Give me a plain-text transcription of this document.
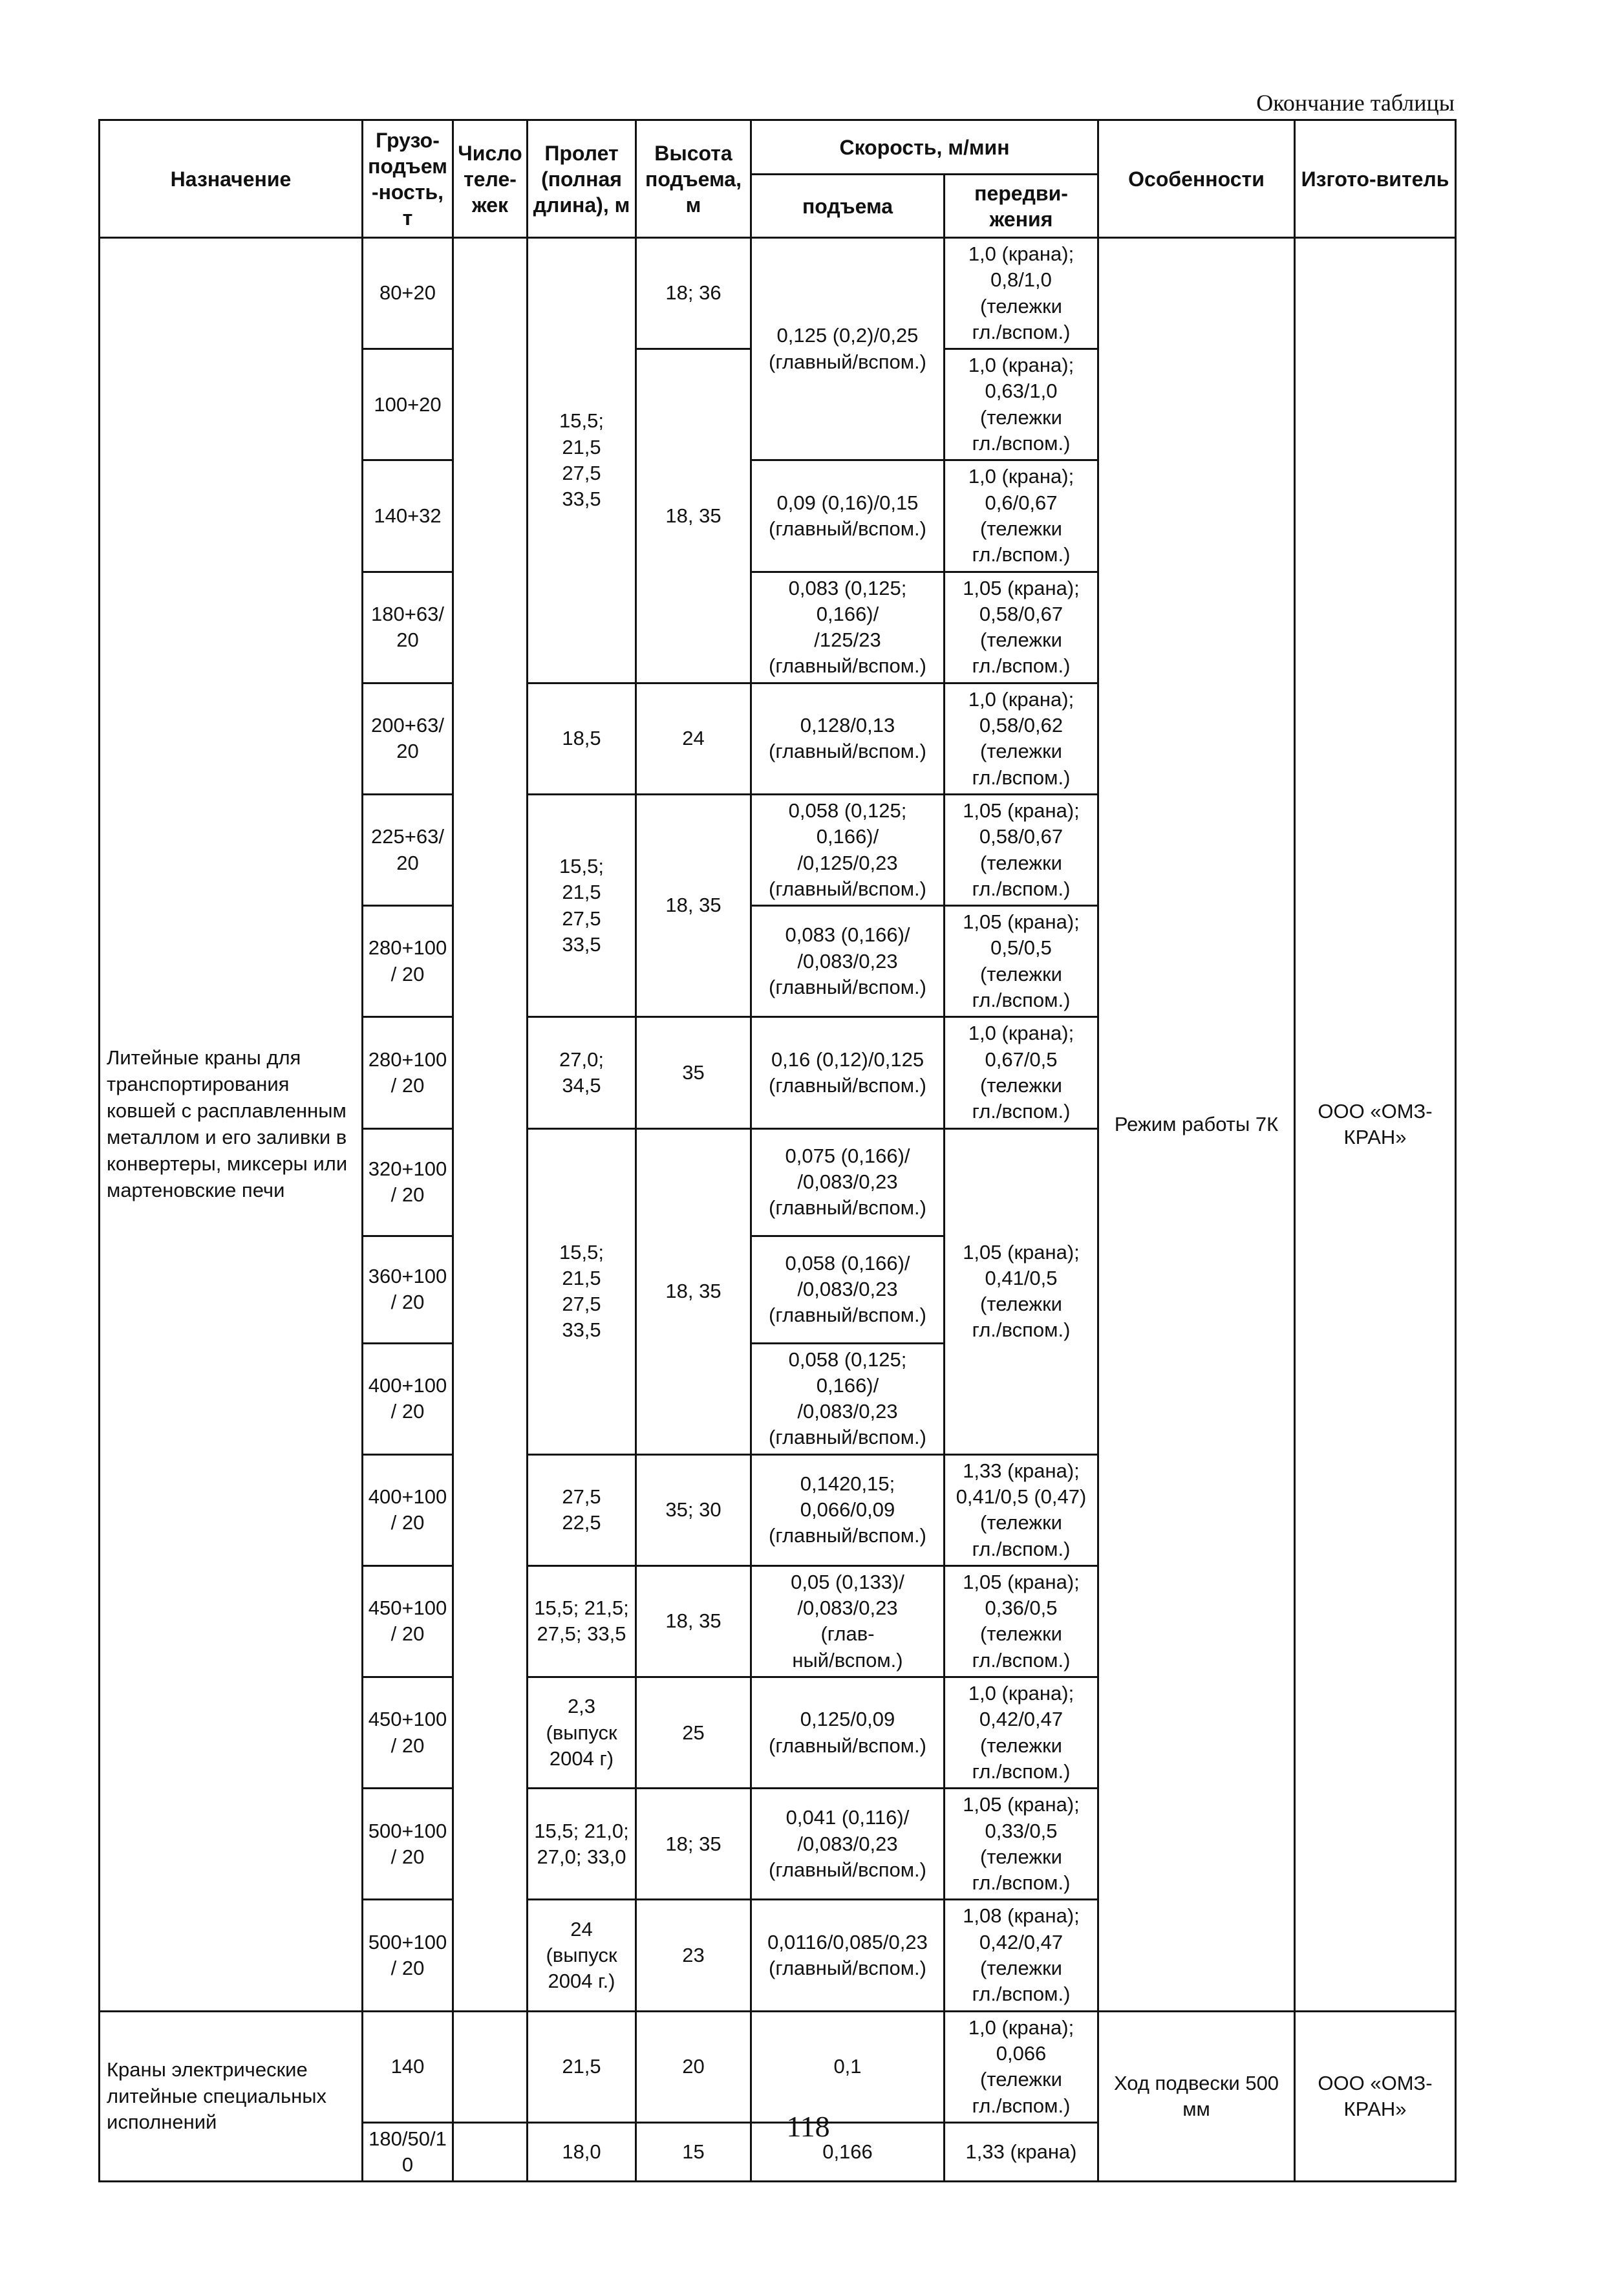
Окончание таблицы
Назначение	Грузо-подъем-ность, т	Число теле-жек	Пролет (полная длина), м	Высота подъема, м	Скорость, м/мин		Особенности	Изгото-витель
					подъема	передви-жения		
Литейные краны для транспортирования ковшей с расплавленным металлом и его заливки в конвертеры, миксеры или мартеновские печи	80+20		15,5;
21,5
27,5
33,5	18; 36	0,125 (0,2)/0,25
(главный/вспом.)	1,0 (крана);
0,8/1,0
(тележки
гл./вспом.)	Режим работы 7К	ООО «ОМЗ-КРАН»
	100+20			18, 35		1,0 (крана);
0,63/1,0
(тележки
гл./вспом.)		
	140+32				0,09 (0,16)/0,15
(главный/вспом.)	1,0 (крана);
0,6/0,67
(тележки
гл./вспом.)		
	180+63/ 20				0,083 (0,125;
0,166)/
/125/23
(главный/вспом.)	1,05 (крана);
0,58/0,67
(тележки
гл./вспом.)		
	200+63/ 20		18,5	24	0,128/0,13
(главный/вспом.)	1,0 (крана);
0,58/0,62
(тележки
гл./вспом.)		
	225+63/ 20		15,5;
21,5
27,5
33,5	18, 35	0,058 (0,125;
0,166)/
/0,125/0,23
(главный/вспом.)	1,05 (крана);
0,58/0,67
(тележки
гл./вспом.)		
	280+100/ 20				0,083 (0,166)/
/0,083/0,23
(главный/вспом.)	1,05 (крана);
0,5/0,5
(тележки
гл./вспом.)		
	280+100/ 20		27,0;
34,5	35	0,16 (0,12)/0,125
(главный/вспом.)	1,0 (крана);
0,67/0,5
(тележки
гл./вспом.)		
	320+100/ 20		15,5;
21,5
27,5
33,5	18, 35	0,075 (0,166)/
/0,083/0,23
(главный/вспом.)	1,05 (крана);
0,41/0,5
(тележки
гл./вспом.)		
	360+100/ 20				0,058 (0,166)/
/0,083/0,23
(главный/вспом.)			
	400+100/ 20				0,058 (0,125;
0,166)/
/0,083/0,23
(главный/вспом.)			
	400+100/ 20		27,5
22,5	35; 30	0,1420,15;
0,066/0,09
(главный/вспом.)	1,33 (крана);
0,41/0,5 (0,47)
(тележки
гл./вспом.)		
	450+100/ 20		15,5; 21,5;
27,5; 33,5	18, 35	0,05 (0,133)/
/0,083/0,23
(глав-
ный/вспом.)	1,05 (крана);
0,36/0,5
(тележки
гл./вспом.)		
	450+100/ 20		2,3
(выпуск
2004 г)	25	0,125/0,09
(главный/вспом.)	1,0 (крана);
0,42/0,47
(тележки
гл./вспом.)		
	500+100/ 20		15,5; 21,0;
27,0; 33,0	18; 35	0,041 (0,116)/
/0,083/0,23
(главный/вспом.)	1,05 (крана);
0,33/0,5
(тележки
гл./вспом.)		
	500+100/ 20		24
(выпуск
2004 г.)	23	0,0116/0,085/0,23
(главный/вспом.)	1,08 (крана);
0,42/0,47
(тележки
гл./вспом.)		
Краны электрические литейные специальных исполнений	140		21,5	20	0,1	1,0 (крана);
0,066
(тележки
гл./вспом.)	Ход подвески 500 мм	ООО «ОМЗ-КРАН»
	180/50/10		18,0	15	0,166	1,33 (крана)		
118
